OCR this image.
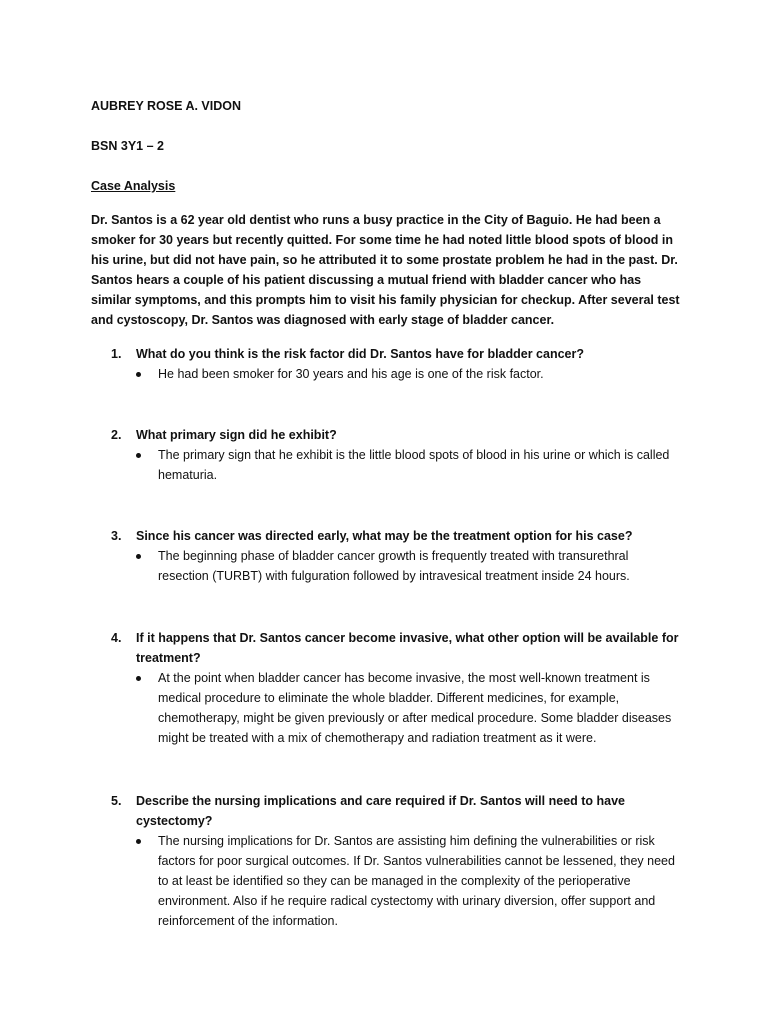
AUBREY ROSE A. VIDON
BSN 3Y1 – 2
Case Analysis

Dr. Santos is a 62 year old dentist who runs a busy practice in the City of Baguio. He had been a smoker for 30 years but recently quitted. For some time he had noted little blood spots of blood in his urine, but did not have pain, so he attributed it to some prostate problem he had in the past. Dr. Santos hears a couple of his patient discussing a mutual friend with bladder cancer who has similar symptoms, and this prompts him to visit his family physician for checkup. After several test and cystoscopy, Dr. Santos was diagnosed with early stage of bladder cancer.

1. What do you think is the risk factor did Dr. Santos have for bladder cancer?
He had been smoker for 30 years and his age is one of the risk factor.
2. What primary sign did he exhibit?
The primary sign that he exhibit is the little blood spots of blood in his urine or which is called hematuria.
3. Since his cancer was directed early, what may be the treatment option for his case?
The beginning phase of bladder cancer growth is frequently treated with transurethral resection (TURBT) with fulguration followed by intravesical treatment inside 24 hours.
4. If it happens that Dr. Santos cancer become invasive, what other option will be available for treatment?
At the point when bladder cancer has become invasive, the most well-known treatment is medical procedure to eliminate the whole bladder. Different medicines, for example, chemotherapy, might be given previously or after medical procedure. Some bladder diseases might be treated with a mix of chemotherapy and radiation treatment as it were.
5. Describe the nursing implications and care required if Dr. Santos will need to have cystectomy?
The nursing implications for Dr. Santos are assisting him defining the vulnerabilities or risk factors for poor surgical outcomes. If Dr. Santos vulnerabilities cannot be lessened, they need to at least be identified so they can be managed in the complexity of the perioperative environment. Also if he require radical cystectomy with urinary diversion, offer support and reinforcement of the information.
